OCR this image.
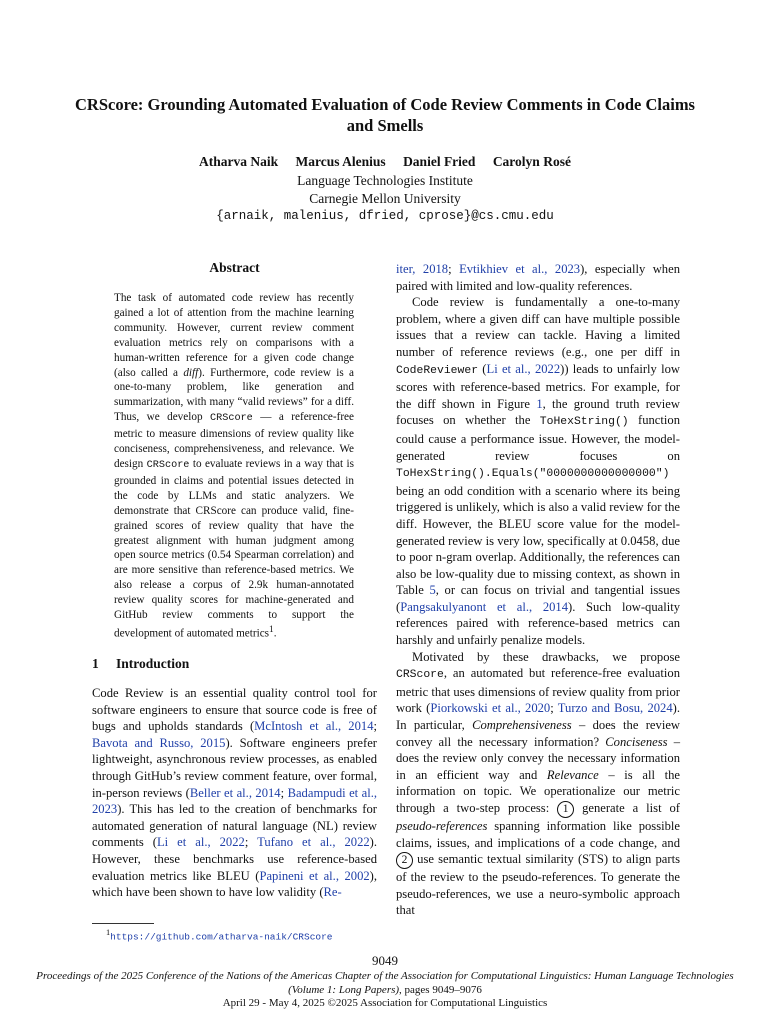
CRScore: Grounding Automated Evaluation of Code Review Comments in Code Claims and Smells
Atharva Naik Marcus Alenius Daniel Fried Carolyn Rosé
Language Technologies Institute
Carnegie Mellon University
{arnaik, malenius, dfried, cprose}@cs.cmu.edu
Abstract
The task of automated code review has recently gained a lot of attention from the machine learning community. However, current review comment evaluation metrics rely on comparisons with a human-written reference for a given code change (also called a diff). Furthermore, code review is a one-to-many problem, like generation and summarization, with many “valid reviews” for a diff. Thus, we develop CRScore — a reference-free metric to measure dimensions of review quality like conciseness, comprehensiveness, and relevance. We design CRScore to evaluate reviews in a way that is grounded in claims and potential issues detected in the code by LLMs and static analyzers. We demonstrate that CRScore can produce valid, fine-grained scores of review quality that have the greatest alignment with human judgment among open source metrics (0.54 Spearman correlation) and are more sensitive than reference-based metrics. We also release a corpus of 2.9k human-annotated review quality scores for machine-generated and GitHub review comments to support the development of automated metrics$^1$.
1 Introduction

Code Review is an essential quality control tool for software engineers to ensure that source code is free of bugs and upholds standards (McIntosh et al., 2014; Bavota and Russo, 2015). Software engineers prefer lightweight, asynchronous review processes, as enabled through GitHub’s review comment feature, over formal, in-person reviews (Beller et al., 2014; Badampudi et al., 2023). This has led to the creation of benchmarks for automated generation of natural language (NL) review comments (Li et al., 2022; Tufano et al., 2022). However, these benchmarks use reference-based evaluation metrics like BLEU (Papineni et al., 2002), which have been shown to have low validity (Re-

iter, 2018; Evtikhiev et al., 2023), especially when paired with limited and low-quality references.

Code review is fundamentally a one-to-many problem, where a given diff can have multiple possible issues that a review can tackle. Having a limited number of reference reviews (e.g., one per diff in CodeReviewer (Li et al., 2022)) leads to unfairly low scores with reference-based metrics. For example, for the diff shown in Figure 1, the ground truth review focuses on whether the ToHexString() function could cause a performance issue. However, the model-generated review focuses on ToHexString().Equals("0000000000000000") being an odd condition with a scenario where its being triggered is unlikely, which is also a valid review for the diff. However, the BLEU score value for the model-generated review is very low, specifically at 0.0458, due to poor n-gram overlap. Additionally, the references can also be low-quality due to missing context, as shown in Table 5, or can focus on trivial and tangential issues (Pangsakulyanont et al., 2014). Such low-quality references paired with reference-based metrics can harshly and unfairly penalize models.

Motivated by these drawbacks, we propose CRScore, an automated but reference-free evaluation metric that uses dimensions of review quality from prior work (Piorkowski et al., 2020; Turzo and Bosu, 2024). In particular, Comprehensiveness – does the review convey all the necessary information? Conciseness – does the review only convey the necessary information in an efficient way and Relevance – is all the information on topic. We operationalize our metric through a two-step process: 1 generate a list of pseudo-references spanning information like possible claims, issues, and implications of a code change, and 2 use semantic textual similarity (STS) to align parts of the review to the pseudo-references. To generate the pseudo-references, we use a neuro-symbolic approach that

$^1$https://github.com/atharva-naik/CRScore
9049
Proceedings of the 2025 Conference of the Nations of the Americas Chapter of the Association for Computational Linguistics: Human Language Technologies
(Volume 1: Long Papers), pages 9049–9076
April 29 - May 4, 2025 ©2025 Association for Computational Linguistics
